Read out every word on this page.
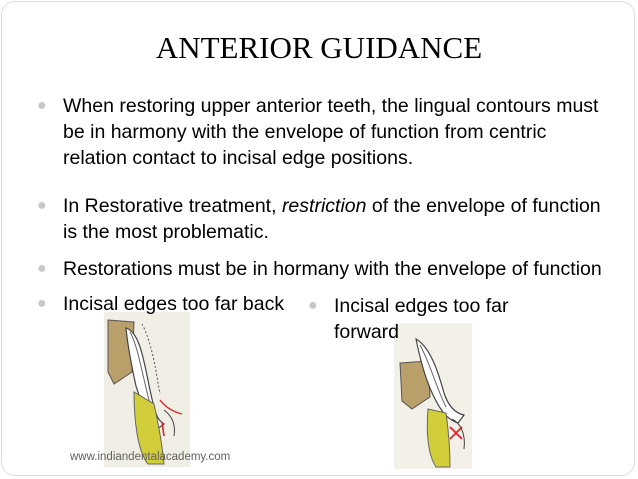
ANTERIOR GUIDANCE
● When restoring upper anterior teeth, the lingual contours must be in harmony with the envelope of function from centric relation contact to incisal edge positions.
● In Restorative treatment, restriction of the envelope of function is the most problematic.
● Restorations must be in hormany with the envelope of function
● Incisal edges too far back	● Incisal edges too far forward
www.indiandentalacademy.com
